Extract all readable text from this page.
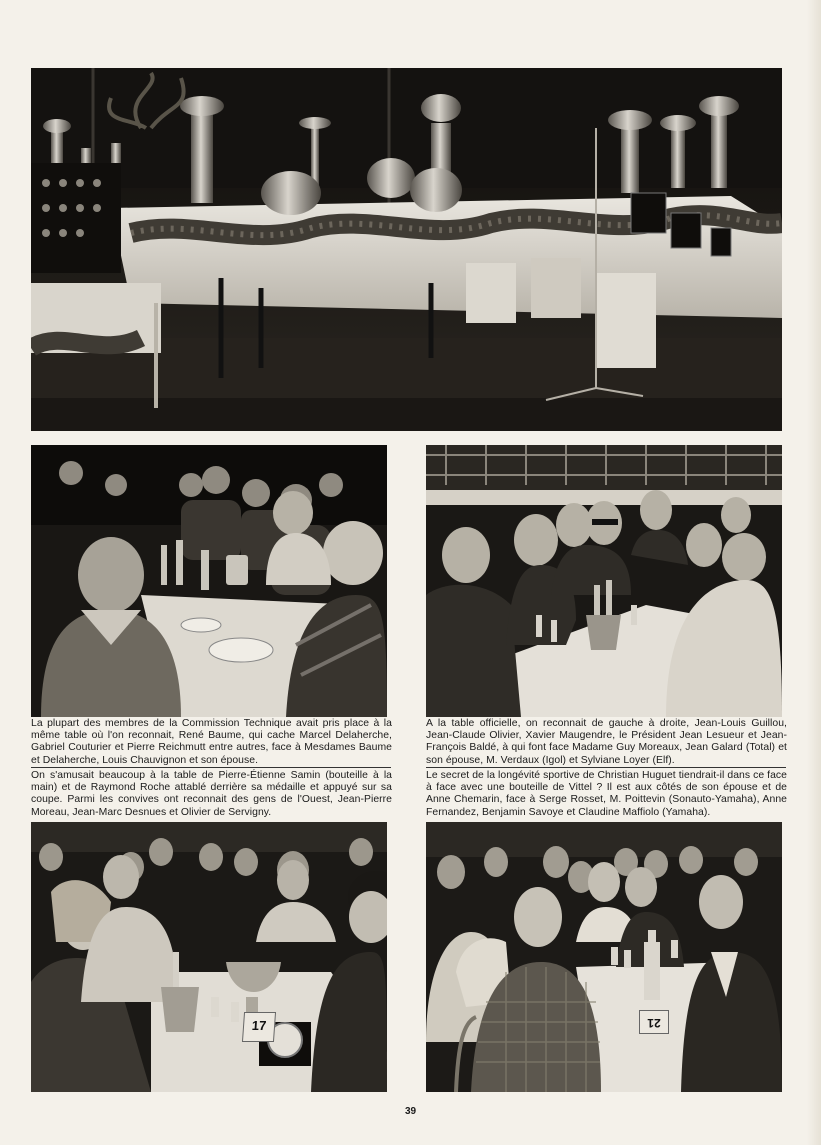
La plupart des membres de la Commission Technique avait pris place à la même table où l'on reconnait, René Baume, qui cache Marcel Delaherche, Gabriel Couturier et Pierre Reichmutt entre autres, face à Mesdames Baume et Delaherche, Louis Chauvignon et son épouse.

A la table officielle, on reconnait de gauche à droite, Jean-Louis Guillou, Jean-Claude Olivier, Xavier Maugendre, le Président Jean Lesueur et Jean-François Baldé, à qui font face Madame Guy Moreaux, Jean Galard (Total) et son épouse, M. Verdaux (Igol) et Sylviane Loyer (Elf).

On s'amusait beaucoup à la table de Pierre-Étienne Samin (bouteille à la main) et de Raymond Roche attablé derrière sa médaille et appuyé sur sa coupe. Parmi les convives ont reconnait des gens de l'Ouest, Jean-Pierre Moreau, Jean-Marc Desnues et Olivier de Servigny.

Le secret de la longévité sportive de Christian Huguet tiendrait-il dans ce face à face avec une bouteille de Vittel ? Il est aux côtés de son épouse et de Anne Chemarin, face à Serge Rosset, M. Poittevin (Sonauto-Yamaha), Anne Fernandez, Benjamin Savoye et Claudine Maffiolo (Yamaha).

17	21
39
